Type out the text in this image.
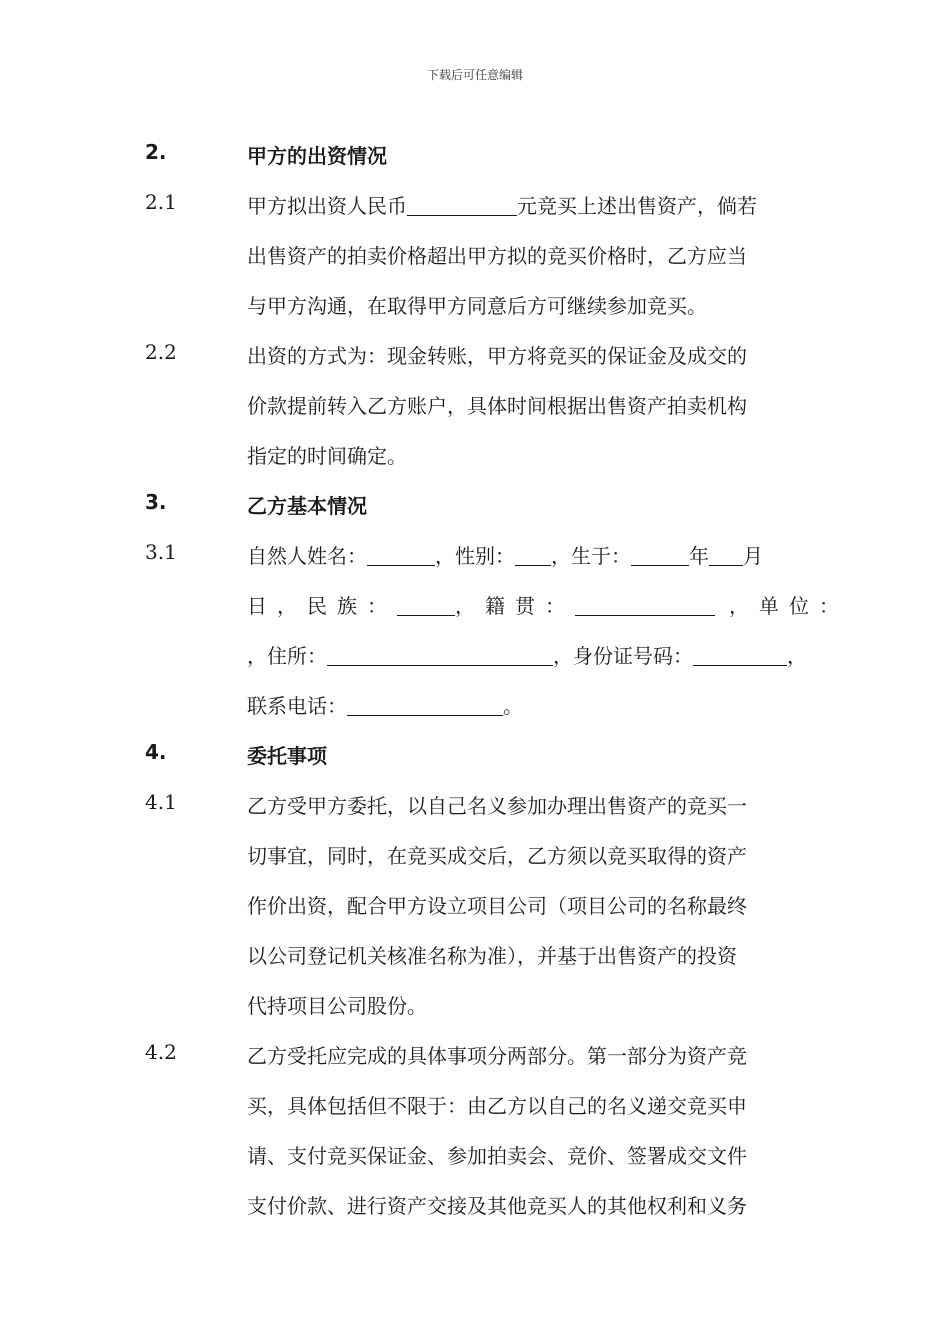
下载后可任意编辑
2.	甲方的出资情况
2.1	甲方拟出资人民币	元竞买上述出售资产，倘若
出售资产的拍卖价格超出甲方拟的竞买价格时，乙方应当
与甲方沟通，在取得甲方同意后方可继续参加竞买。
2.2	出资的方式为：现金转账，甲方将竞买的保证金及成交的
价款提前转入乙方账户，具体时间根据出售资产拍卖机构
指定的时间确定。
3.	乙方基本情况
3.1	自然人姓名：	，性别： ，生于：	年 月
日，民族：	，籍贯：	，单位：
，住所：	，身份证号码：	，
联系电话：	。
4.	委托事项
4.1	乙方受甲方委托，以自己名义参加办理出售资产的竞买一
切事宜，同时，在竞买成交后，乙方须以竞买取得的资产
作价出资，配合甲方设立项目公司（项目公司的名称最终
以公司登记机关核准名称为准），并基于出售资产的投资
代持项目公司股份。
4.2	乙方受托应完成的具体事项分两部分。第一部分为资产竞
买，具体包括但不限于：由乙方以自己的名义递交竞买申
请、支付竞买保证金、参加拍卖会、竞价、签署成交文件
支付价款、进行资产交接及其他竞买人的其他权利和义务
